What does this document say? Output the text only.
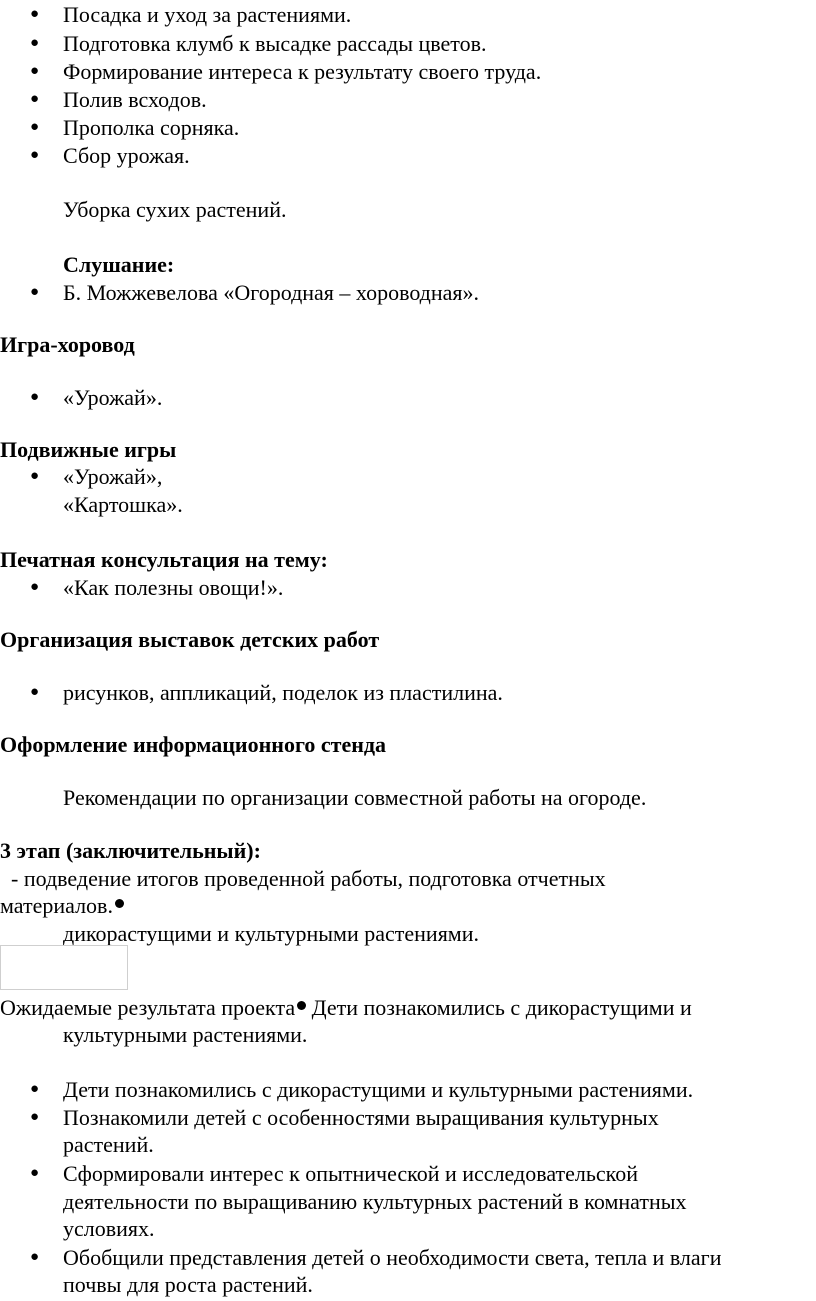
● Посадка и уход за растениями.
● Подготовка клумб к высадке рассады цветов.
● Формирование интереса к результату своего труда.
● Полив всходов.
● Прополка сорняка.
● Сбор урожая.
Уборка сухих растений.
Слушание:
● Б. Можжевелова «Огородная – хороводная».
Игра-хоровод
● «Урожай».
Подвижные игры
● «Урожай»,
«Картошка».
Печатная консультация на тему:
● «Как полезны овощи!».
Организация выставок детских работ
● рисунков, аппликаций, поделок из пластилина.
Оформление информационного стенда
Рекомендации по организации совместной работы на огороде.
3 этап (заключительный):
- подведение итогов проведенной работы, подготовка отчетных
материалов.
дикорастущими и культурными растениями.
Ожидаемые результата проекта Дети познакомились с дикорастущими и
культурными растениями.
● Дети познакомились с дикорастущими и культурными растениями.
● Познакомили детей с особенностями выращивания культурных
растений.
● Сформировали интерес к опытнической и исследовательской
деятельности по выращиванию культурных растений в комнатных
условиях.
● Обобщили представления детей о необходимости света, тепла и влаги
почвы для роста растений.
